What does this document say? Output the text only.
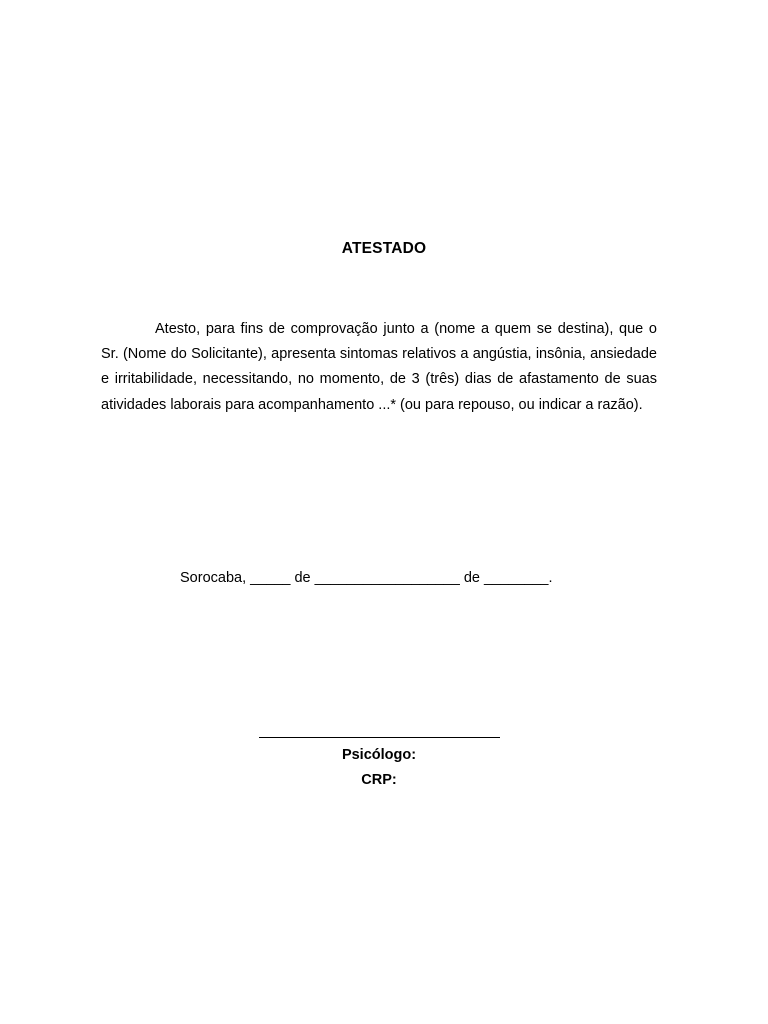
ATESTADO

Atesto, para fins de comprovação junto a (nome a quem se destina), que o Sr. (Nome do Solicitante), apresenta sintomas relativos a angústia, insônia, ansiedade e irritabilidade, necessitando, no momento, de 3 (três) dias de afastamento de suas atividades laborais para acompanhamento ...* (ou para repouso, ou indicar a razão).

Sorocaba, _____ de __________________ de ________.
Psicólogo:
CRP:
